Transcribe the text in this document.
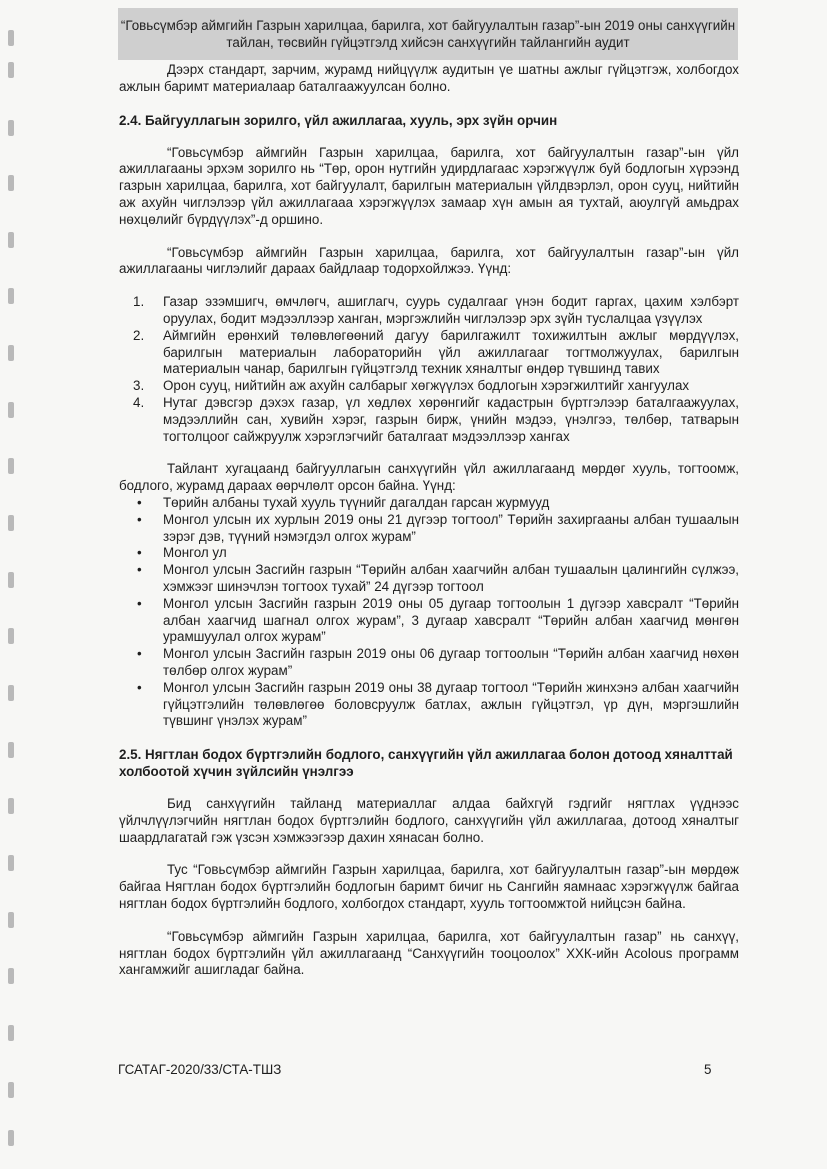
“Говьсүмбэр аймгийн Газрын харилцаа, барилга, хот байгуулалтын газар”-ын 2019 оны санхүүгийн
тайлан, төсвийн гүйцэтгэлд хийсэн санхүүгийн тайлангийн аудит

Дээрх стандарт, зарчим, журамд нийцүүлж аудитын үе шатны ажлыг гүйцэтгэж, холбогдох ажлын баримт материалаар баталгаажуулсан болно.

2.4. Байгууллагын зорилго, үйл ажиллагаа, хууль, эрх зүйн орчин

“Говьсүмбэр аймгийн Газрын харилцаа, барилга, хот байгуулалтын газар”-ын үйл ажиллагааны эрхэм зорилго нь “Төр, орон нутгийн удирдлагаас хэрэгжүүлж буй бодлогын хүрээнд газрын харилцаа, барилга, хот байгуулалт, барилгын материалын үйлдвэрлэл, орон сууц, нийтийн аж ахуйн чиглэлээр үйл ажиллагааа хэрэгжүүлэх замаар хүн амын ая тухтай, аюулгүй амьдрах нөхцөлийг бүрдүүлэх”-д оршино.

“Говьсүмбэр аймгийн Газрын харилцаа, барилга, хот байгуулалтын газар”-ын үйл ажиллагааны чиглэлийг дараах байдлаар тодорхойлжээ. Үүнд:

1. Газар эзэмшигч, өмчлөгч, ашиглагч, суурь судалгааг үнэн бодит гаргах, цахим хэлбэрт оруулах, бодит мэдээллээр ханган, мэргэжлийн чиглэлээр эрх зүйн туслалцаа үзүүлэх
2. Аймгийн ерөнхий төлөвлөгөөний дагуу барилгажилт тохижилтын ажлыг мөрдүүлэх, барилгын материалын лабораторийн үйл ажиллагааг тогтмолжуулах, барилгын материалын чанар, барилгын гүйцэтгэлд техник хяналтыг өндөр түвшинд тавих
3. Орон сууц, нийтийн аж ахуйн салбарыг хөгжүүлэх бодлогын хэрэгжилтийг хангуулах
4. Нутаг дэвсгэр дэхэх газар, үл хөдлөх хөрөнгийг кадастрын бүртгэлээр баталгаажуулах, мэдээллийн сан, хувийн хэрэг, газрын бирж, үнийн мэдээ, үнэлгээ, төлбөр, татварын тогтолцоог сайжруулж хэрэглэгчийг баталгаат мэдээллээр хангах

Тайлант хугацаанд байгууллагын санхүүгийн үйл ажиллагаанд мөрдөг хууль, тогтоомж, бодлого, журамд дараах өөрчлөлт орсон байна. Үүнд:

• Төрийн албаны тухай хууль түүнийг дагалдан гарсан журмууд
• Монгол улсын их хурлын 2019 оны 21 дүгээр тогтоол” Төрийн захиргааны албан тушаалын зэрэг дэв, түүний нэмэгдэл олгох журам”
• Монгол ул
• Монгол улсын Засгийн газрын “Төрийн албан хаагчийн албан тушаалын цалингийн сүлжээ, хэмжээг шинэчлэн тогтоох тухай” 24 дүгээр тогтоол
• Монгол улсын Засгийн газрын 2019 оны 05 дугаар тогтоолын 1 дүгээр хавсралт “Төрийн албан хаагчид шагнал олгох журам”, 3 дугаар хавсралт “Төрийн албан хаагчид мөнгөн урамшуулал олгох журам”
• Монгол улсын Засгийн газрын 2019 оны 06 дугаар тогтоолын “Төрийн албан хаагчид нөхөн төлбөр олгох журам”
• Монгол улсын Засгийн газрын 2019 оны 38 дугаар тогтоол “Төрийн жинхэнэ албан хаагчийн гүйцэтгэлийн төлөвлөгөө боловсруулж батлах, ажлын гүйцэтгэл, үр дүн, мэргэшлийн түвшинг үнэлэх журам”
2.5. Нягтлан бодох бүртгэлийн бодлого, санхүүгийн үйл ажиллагаа болон дотоод хяналттай холбоотой хүчин зүйлсийн үнэлгээ

Бид санхүүгийн тайланд материаллаг алдаа байхгүй гэдгийг нягтлах үүднээс үйлчлүүлэгчийн нягтлан бодох бүртгэлийн бодлого, санхүүгийн үйл ажиллагаа, дотоод хяналтыг шаардлагатай гэж үзсэн хэмжээгээр дахин хянасан болно.

Тус “Говьсүмбэр аймгийн Газрын харилцаа, барилга, хот байгуулалтын газар”-ын мөрдөж байгаа Нягтлан бодох бүртгэлийн бодлогын баримт бичиг нь Сангийн яамнаас хэрэгжүүлж байгаа нягтлан бодох бүртгэлийн бодлого, холбогдох стандарт, хууль тогтоомжтой нийцсэн байна.

“Говьсүмбэр аймгийн Газрын харилцаа, барилга, хот байгуулалтын газар” нь санхүү, нягтлан бодох бүртгэлийн үйл ажиллагаанд “Санхүүгийн тооцоолох” ХХК-ийн Acolous программ хангамжийг ашигладаг байна.

ГСАТАГ-2020/33/СТА-ТШЗ	5
